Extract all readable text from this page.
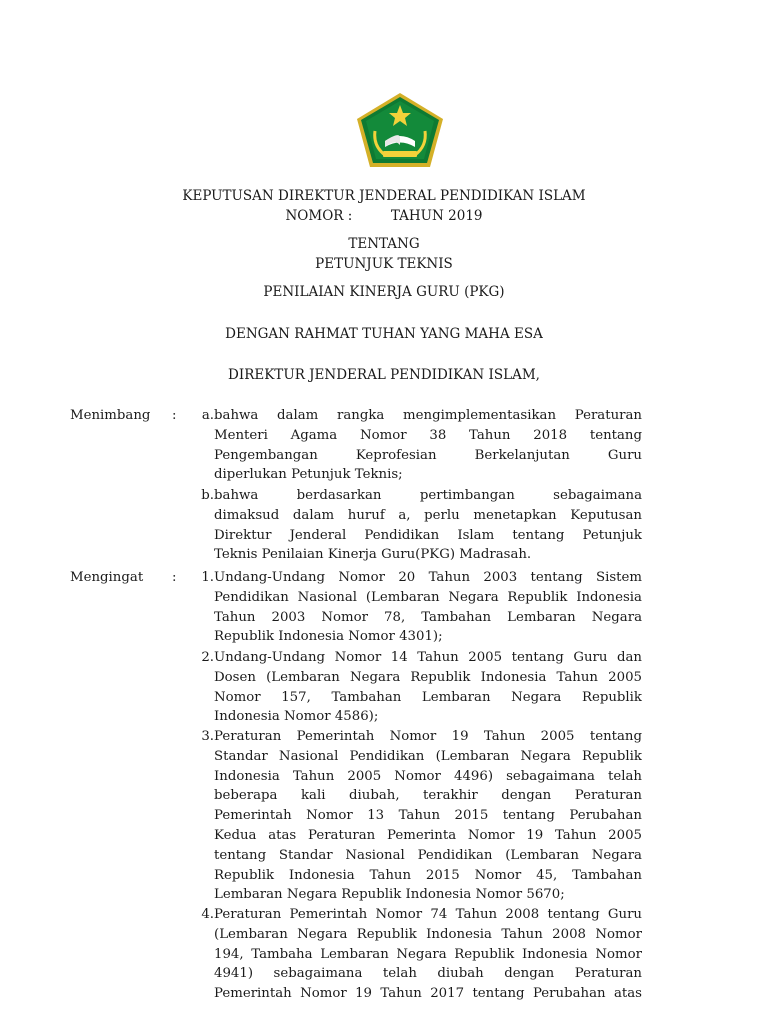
KEPUTUSAN DIREKTUR JENDERAL PENDIDIKAN ISLAM
NOMOR :         TAHUN 2019
TENTANG
PETUNJUK TEKNIS
PENILAIAN KINERJA GURU (PKG)
DENGAN RAHMAT TUHAN YANG MAHA ESA
DIREKTUR JENDERAL PENDIDIKAN ISLAM,
Menimbang	:	a. bahwa dalam rangka mengimplementasikan Peraturan
Menteri Agama Nomor 38 Tahun 2018 tentang
Pengembangan Keprofesian Berkelanjutan Guru
diperlukan Petunjuk Teknis;
b. bahwa berdasarkan pertimbangan sebagaimana
dimaksud dalam huruf a, perlu menetapkan Keputusan
Direktur Jenderal Pendidikan Islam tentang Petunjuk
Teknis Penilaian Kinerja Guru(PKG) Madrasah.
Mengingat	:	1. Undang-Undang Nomor 20 Tahun 2003 tentang Sistem
Pendidikan Nasional (Lembaran Negara Republik Indonesia
Tahun 2003 Nomor 78, Tambahan Lembaran Negara
Republik Indonesia Nomor 4301);
2. Undang-Undang Nomor 14 Tahun 2005 tentang Guru dan
Dosen (Lembaran Negara Republik Indonesia Tahun 2005
Nomor 157, Tambahan Lembaran Negara Republik
Indonesia Nomor 4586);
3. Peraturan Pemerintah Nomor 19 Tahun 2005 tentang
Standar Nasional Pendidikan (Lembaran Negara Republik
Indonesia Tahun 2005 Nomor 4496) sebagaimana telah
beberapa kali diubah, terakhir dengan Peraturan
Pemerintah Nomor 13 Tahun 2015 tentang Perubahan
Kedua atas Peraturan Pemerinta Nomor 19 Tahun 2005
tentang Standar Nasional Pendidikan (Lembaran Negara
Republik Indonesia Tahun 2015 Nomor 45, Tambahan
Lembaran Negara Republik Indonesia Nomor 5670;
4. Peraturan Pemerintah Nomor 74 Tahun 2008 tentang Guru
(Lembaran Negara Republik Indonesia Tahun 2008 Nomor
194, Tambaha Lembaran Negara Republik Indonesia Nomor
4941) sebagaimana telah diubah dengan Peraturan
Pemerintah Nomor 19 Tahun 2017 tentang Perubahan atas
